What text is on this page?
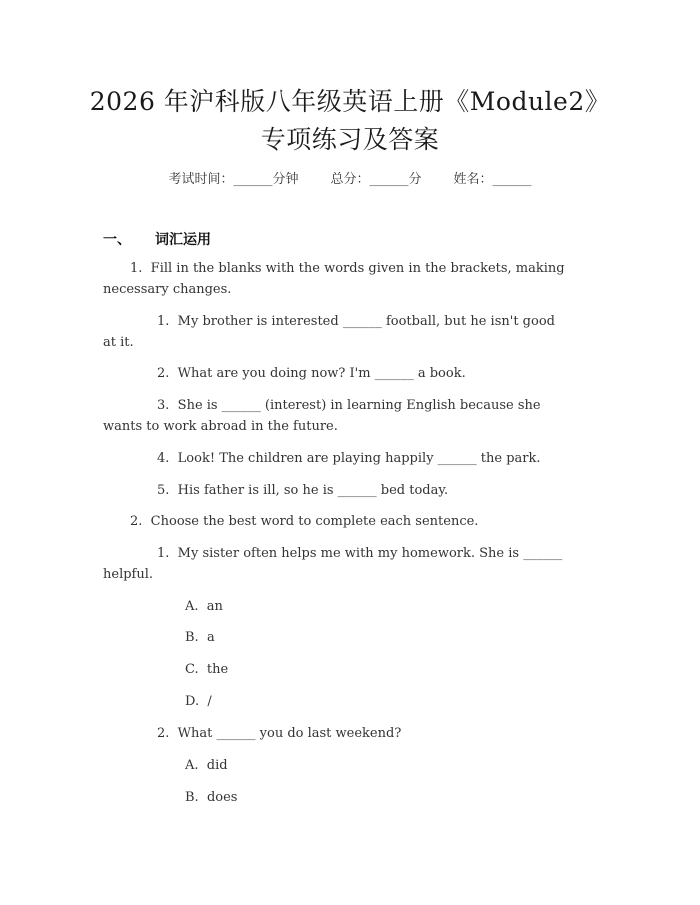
2026 年沪科版八年级英语上册《Module2》
专项练习及答案
考试时间：______分钟 总分：______分 姓名：______
一、 词汇运用
1.  Fill in the blanks with the words given in the brackets, making
necessary changes.
1.  My brother is interested ______ football, but he isn't good
at it.
2.  What are you doing now? I'm ______ a book.
3.  She is ______ (interest) in learning English because she
wants to work abroad in the future.
4.  Look! The children are playing happily ______ the park.
5.  His father is ill, so he is ______ bed today.
2.  Choose the best word to complete each sentence.
1.  My sister often helps me with my homework. She is ______
helpful.
A.  an
B.  a
C.  the
D.  /
2.  What ______ you do last weekend?
A.  did
B.  does
